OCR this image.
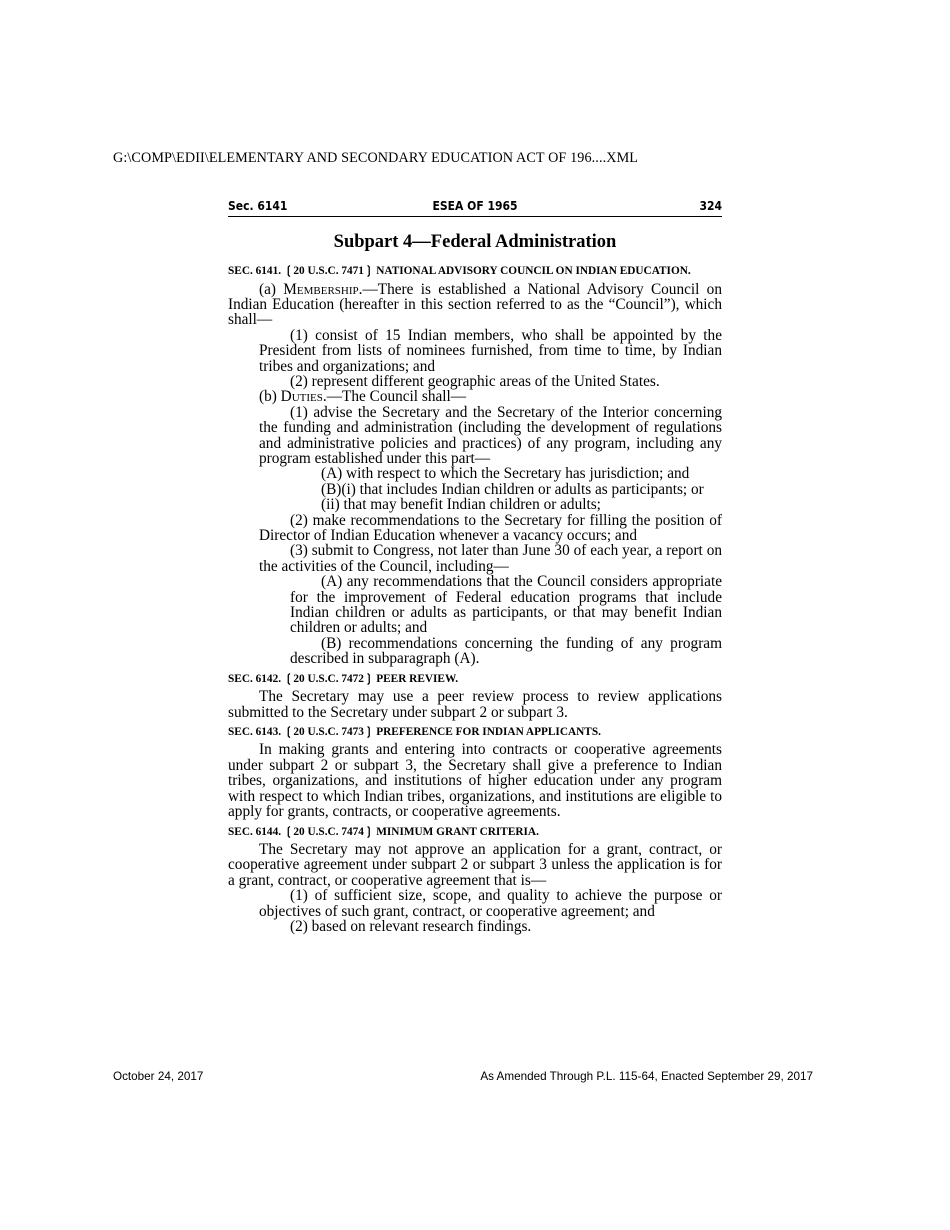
G:\COMP\EDII\ELEMENTARY AND SECONDARY EDUCATION ACT OF 196....XML
Sec. 6141	ESEA OF 1965	324
Subpart 4—Federal Administration
SEC. 6141. ❲20 U.S.C. 7471❳ NATIONAL ADVISORY COUNCIL ON INDIAN EDUCATION.

(a) Membership.—There is established a National Advisory Council on Indian Education (hereafter in this section referred to as the “Council”), which shall—

(1) consist of 15 Indian members, who shall be appointed by the President from lists of nominees furnished, from time to time, by Indian tribes and organizations; and

(2) represent different geographic areas of the United States.

(b) Duties.—The Council shall—

(1) advise the Secretary and the Secretary of the Interior concerning the funding and administration (including the development of regulations and administrative policies and practices) of any program, including any program established under this part—

(A) with respect to which the Secretary has jurisdiction; and

(B)(i) that includes Indian children or adults as participants; or

(ii) that may benefit Indian children or adults;

(2) make recommendations to the Secretary for filling the position of Director of Indian Education whenever a vacancy occurs; and

(3) submit to Congress, not later than June 30 of each year, a report on the activities of the Council, including—

(A) any recommendations that the Council considers appropriate for the improvement of Federal education programs that include Indian children or adults as participants, or that may benefit Indian children or adults; and

(B) recommendations concerning the funding of any program described in subparagraph (A).

SEC. 6142. ❲20 U.S.C. 7472❳ PEER REVIEW.

The Secretary may use a peer review process to review applications submitted to the Secretary under subpart 2 or subpart 3.

SEC. 6143. ❲20 U.S.C. 7473❳ PREFERENCE FOR INDIAN APPLICANTS.

In making grants and entering into contracts or cooperative agreements under subpart 2 or subpart 3, the Secretary shall give a preference to Indian tribes, organizations, and institutions of higher education under any program with respect to which Indian tribes, organizations, and institutions are eligible to apply for grants, contracts, or cooperative agreements.

SEC. 6144. ❲20 U.S.C. 7474❳ MINIMUM GRANT CRITERIA.

The Secretary may not approve an application for a grant, contract, or cooperative agreement under subpart 2 or subpart 3 unless the application is for a grant, contract, or cooperative agreement that is—

(1) of sufficient size, scope, and quality to achieve the purpose or objectives of such grant, contract, or cooperative agreement; and

(2) based on relevant research findings.

October 24, 2017	As Amended Through P.L. 115-64, Enacted September 29, 2017
